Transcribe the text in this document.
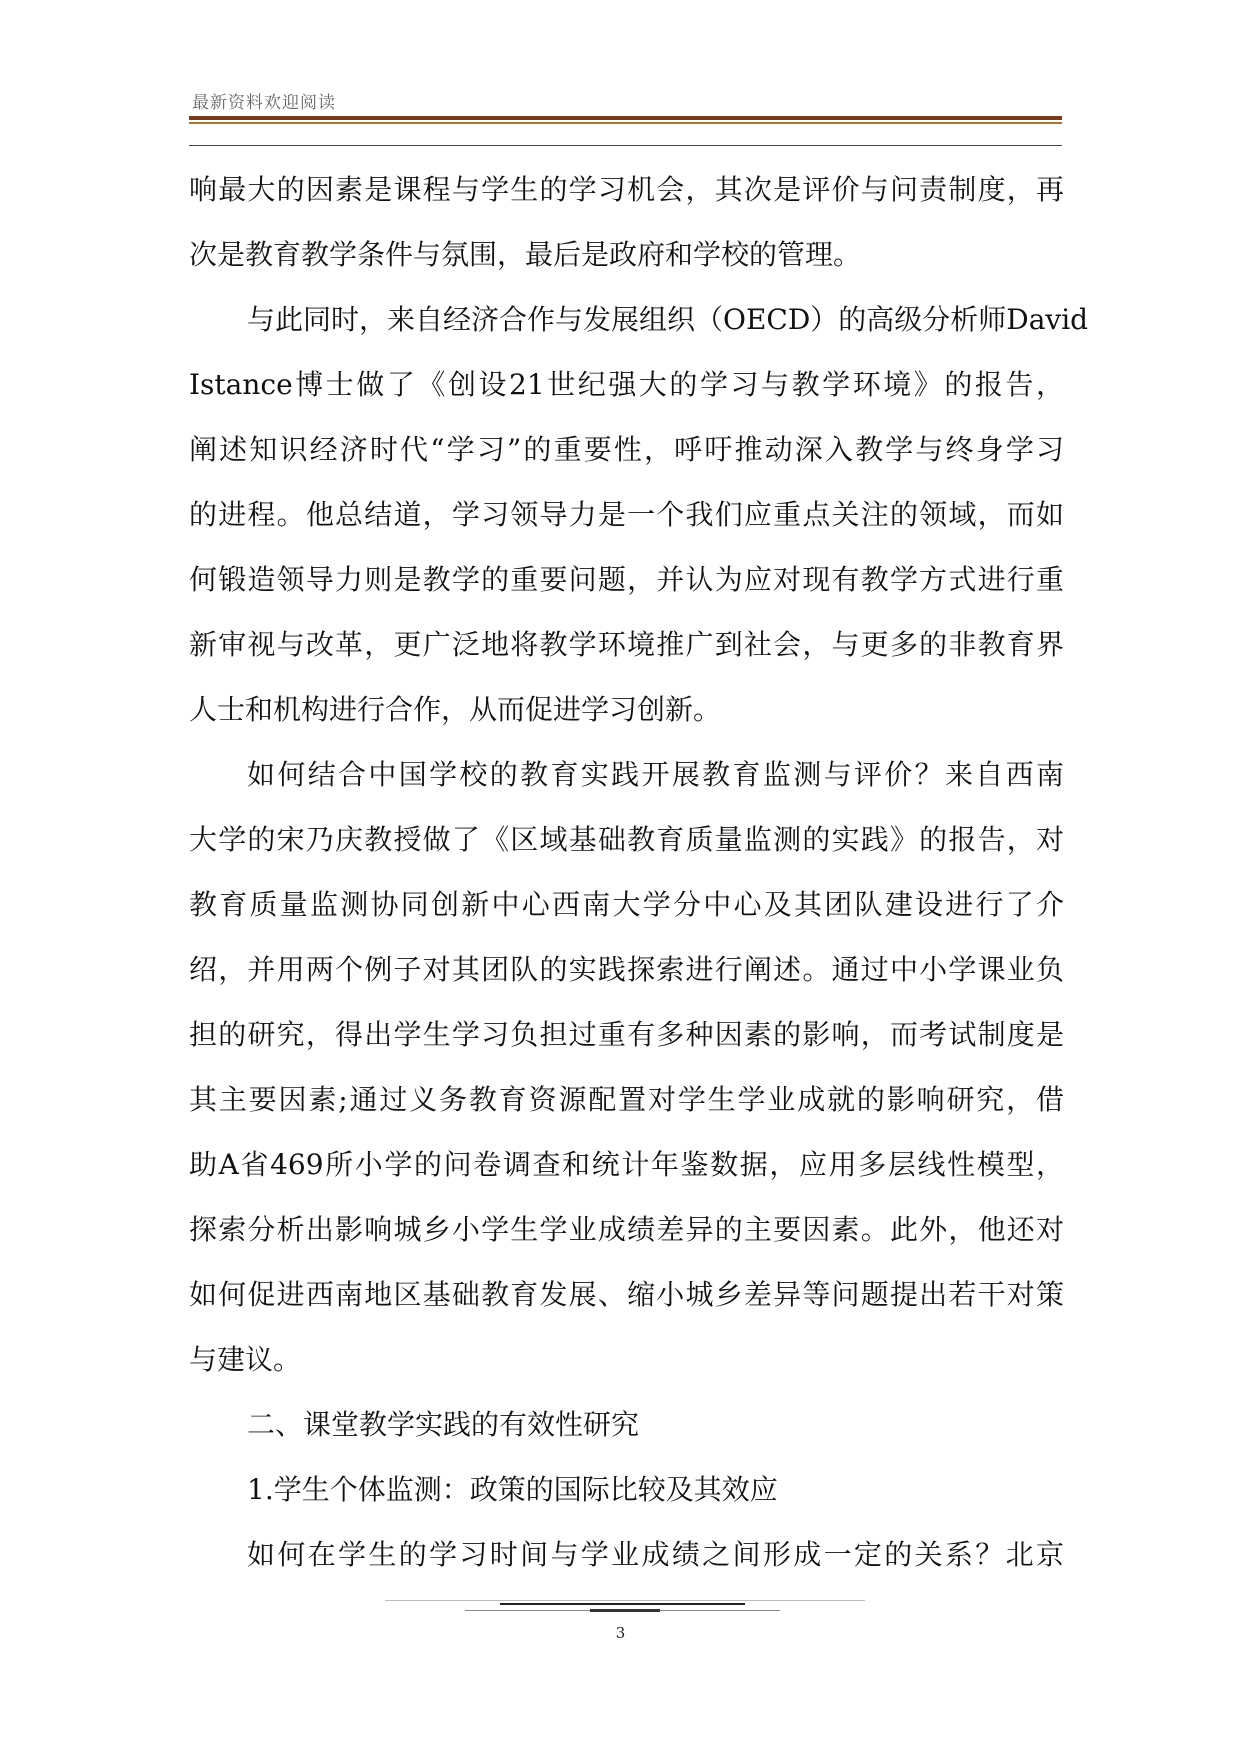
最新资料欢迎阅读
响最大的因素是课程与学生的学习机会，其次是评价与问责制度，再
次是教育教学条件与氛围，最后是政府和学校的管理。
与此同时，来自经济合作与发展组织（OECD）的高级分析师David
Istance博士做了《创设21世纪强大的学习与教学环境》的报告，
阐述知识经济时代“学习”的重要性，呼吁推动深入教学与终身学习
的进程。他总结道，学习领导力是一个我们应重点关注的领域，而如
何锻造领导力则是教学的重要问题，并认为应对现有教学方式进行重
新审视与改革，更广泛地将教学环境推广到社会，与更多的非教育界
人士和机构进行合作，从而促进学习创新。
如何结合中国学校的教育实践开展教育监测与评价？来自西南
大学的宋乃庆教授做了《区域基础教育质量监测的实践》的报告，对
教育质量监测协同创新中心西南大学分中心及其团队建设进行了介
绍，并用两个例子对其团队的实践探索进行阐述。通过中小学课业负
担的研究，得出学生学习负担过重有多种因素的影响，而考试制度是
其主要因素;通过义务教育资源配置对学生学业成就的影响研究，借
助A省469所小学的问卷调查和统计年鉴数据，应用多层线性模型，
探索分析出影响城乡小学生学业成绩差异的主要因素。此外，他还对
如何促进西南地区基础教育发展、缩小城乡差异等问题提出若干对策
与建议。
二、课堂教学实践的有效性研究
1.学生个体监测：政策的国际比较及其效应
如何在学生的学习时间与学业成绩之间形成一定的关系？北京
3
